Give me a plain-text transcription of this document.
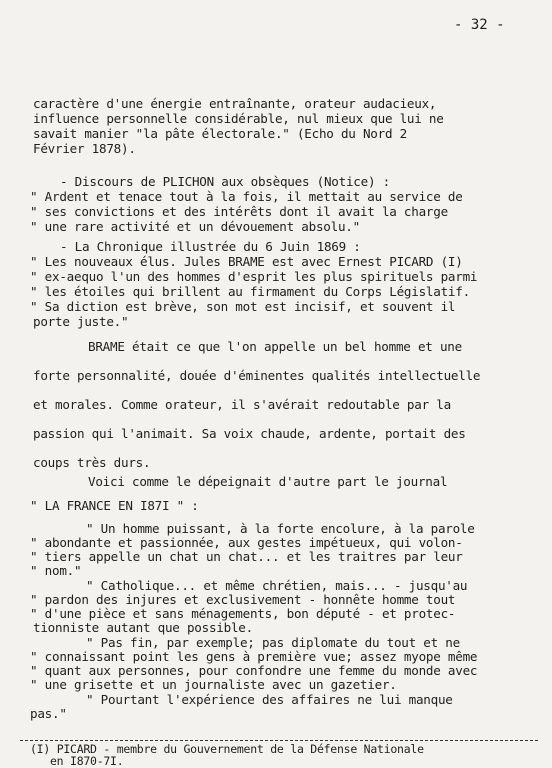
- 32 -
caractère d'une énergie entraînante, orateur audacieux,
influence personnelle considérable, nul mieux que lui ne
savait manier "la pâte électorale." (Echo du Nord 2
Février 1878).
- Discours de PLICHON aux obsèques (Notice) :
" Ardent et tenace tout à la fois, il mettait au service de
" ses convictions et des intérêts dont il avait la charge
" une rare activité et un dévouement absolu."
- La Chronique illustrée du 6 Juin 1869 :
" Les nouveaux élus. Jules BRAME est avec Ernest PICARD (I)
" ex-aequo l'un des hommes d'esprit les plus spirituels parmi
" les étoiles qui brillent au firmament du Corps Législatif.
" Sa diction est brève, son mot est incisif, et souvent il
porte juste."
BRAME était ce que l'on appelle un bel homme et une
forte personnalité, douée d'éminentes qualités intellectuelle
et morales. Comme orateur, il s'avérait redoutable par la
passion qui l'animait. Sa voix chaude, ardente, portait des
coups très durs.
Voici comme le dépeignait d'autre part le journal
" LA FRANCE EN I87I " :
" Un homme puissant, à la forte encolure, à la parole
" abondante et passionnée, aux gestes impétueux, qui volon-
" tiers appelle un chat un chat... et les traitres par leur
" nom."
" Catholique... et même chrétien, mais... - jusqu'au
" pardon des injures et exclusivement - honnête homme tout
" d'une pièce et sans ménagements, bon député - et protec-
tionniste autant que possible.
" Pas fin, par exemple; pas diplomate du tout et ne
" connaissant point les gens à première vue; assez myope même
" quant aux personnes, pour confondre une femme du monde avec
" une grisette et un journaliste avec un gazetier.
" Pourtant l'expérience des affaires ne lui manque
pas."
(I) PICARD - membre du Gouvernement de la Défense Nationale
en I870-7I.
